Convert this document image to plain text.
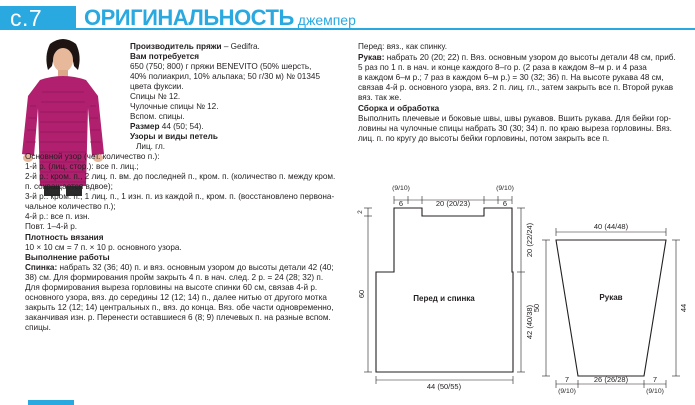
с.7	ОРИГИНАЛЬНОСТЬ джемпер
Производитель пряжи – Gedifra.
Вам потребуется
650 (750; 800) г пряжи BENEVITO (50% шерсть,
40% полиакрил, 10% альпака; 50 г/30 м) № 01345
цвета фуксии.
Спицы № 12.
Чулочные спицы № 12.
Вспом. спицы.
Размер 44 (50; 54).
Узоры и виды петель
Лиц. гл.
Основной узор (чет. количество п.):
1-й р. (лиц. стор.): все п. лиц.;
2-й р.: кром. п., 2 лиц. п. вм. до последней п., кром. п. (количество п. между кром.
п. сокращается вдвое);
3-й р.: кром. п., 1 лиц. п., 1 изн. п. из каждой п., кром. п. (восстановлено первона-
чальное количество п.);
4-й р.: все п. изн.
Повт. 1–4-й р.
Плотность вязания
10 × 10 см = 7 п. × 10 р. основного узора.
Выполнение работы
Спинка: набрать 32 (36; 40) п. и вяз. основным узором до высоты детали 42 (40;
38) см. Для формирования пройм закрыть 4 п. в нач. след. 2 р. = 24 (28; 32) п.
Для формирования выреза горловины на высоте спинки 60 см, связав 4-й р.
основного узора, вяз. до середины 12 (12; 14) п., далее нитью от другого мотка
закрыть 12 (12; 14) центральных п., вяз. до конца. Вяз. обе части одновременно,
заканчивая изн. р. Перенести оставшиеся 6 (8; 9) плечевых п. на разные вспом.
спицы.
Перед: вяз., как спинку.
Рукав: набрать 20 (20; 22) п. Вяз. основным узором до высоты детали 48 см, приб.
5 раз по 1 п. в нач. и конце каждого 8–го р. (2 раза в каждом 8–м р. и 4 раза
в каждом 6–м р.; 7 раз в каждом 6–м р.) = 30 (32; 36) п. На высоте рукава 48 см,
связав 4-й р. основного узора, вяз. 2 п. лиц. гл., затем закрыть все п. Второй рукав
вяз. так же.
Сборка и обработка
Выполнить плечевые и боковые швы, швы рукавов. Вшить рукава. Для бейки гор-
ловины на чулочные спицы набрать 30 (30; 34) п. по краю выреза горловины. Вяз.
лиц. п. по кругу до высоты бейки горловины, потом закрыть все п.
(9/10)
6
(9/10)
6
20 (20/23)
2
60
20 (22/24)
42 (40/38)
Перед и спинка
44 (50/55)
40 (44/48)
50	44
Рукав
7
(9/10)
26 (26/28)	7
(9/10)
